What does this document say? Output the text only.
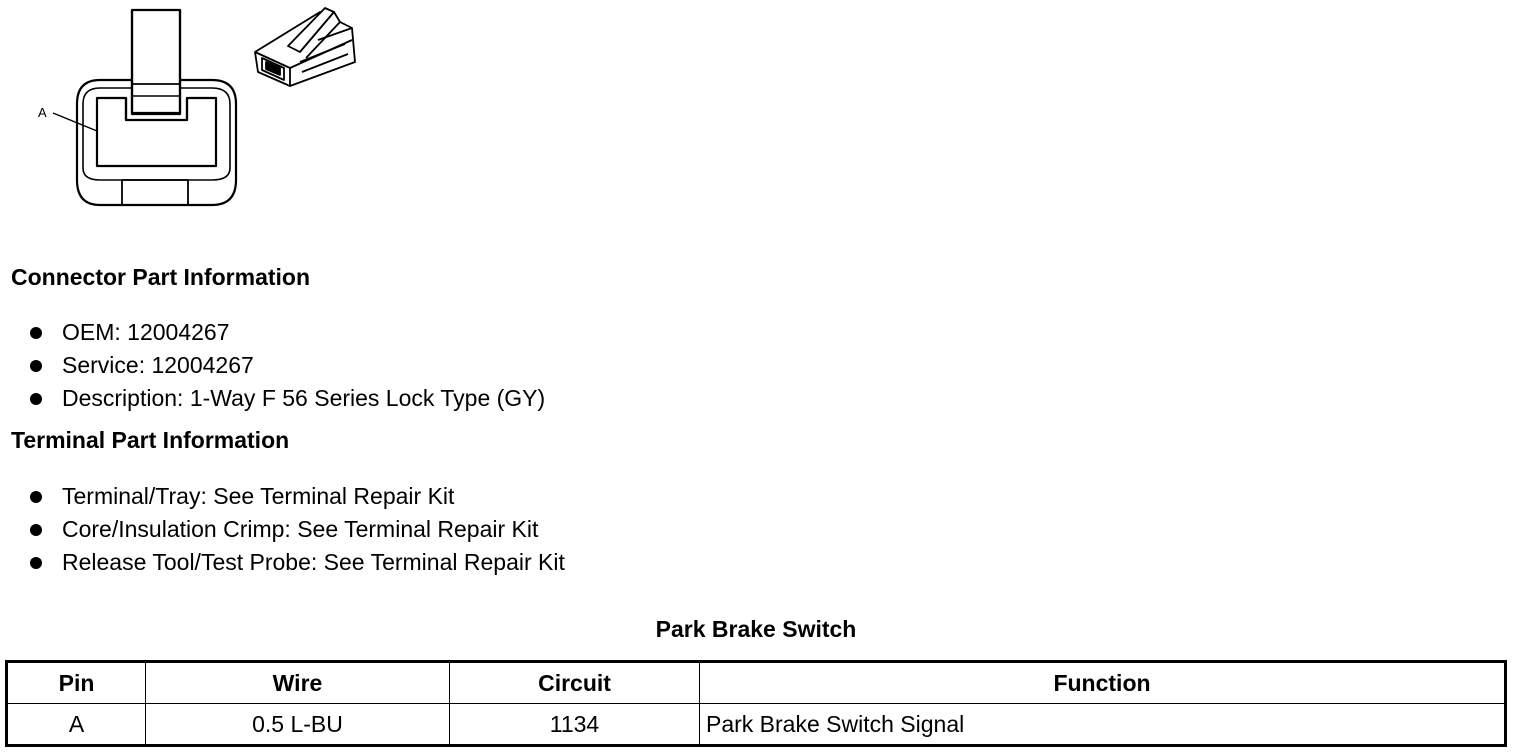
A
Connector Part Information
OEM: 12004267
Service: 12004267
Description: 1-Way F 56 Series Lock Type (GY)
Terminal Part Information
Terminal/Tray: See Terminal Repair Kit
Core/Insulation Crimp: See Terminal Repair Kit
Release Tool/Test Probe: See Terminal Repair Kit
Park Brake Switch
Pin	Wire	Circuit	Function
A	0.5 L-BU	1134	Park Brake Switch Signal
